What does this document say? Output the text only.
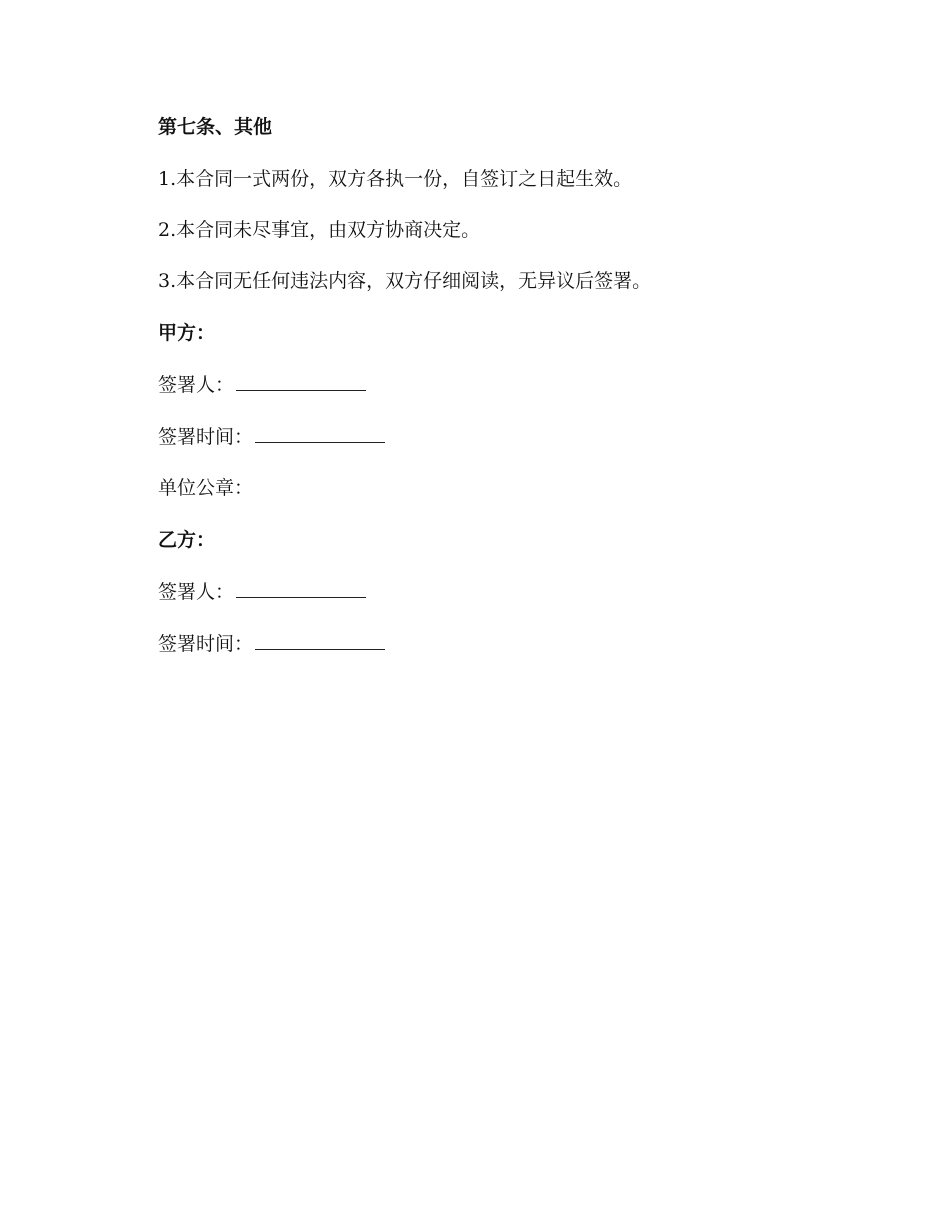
第七条、其他
1.本合同一式两份，双方各执一份，自签订之日起生效。
2.本合同未尽事宜，由双方协商决定。
3.本合同无任何违法内容，双方仔细阅读，无异议后签署。
甲方：
签署人：
签署时间：
单位公章：
乙方：
签署人：
签署时间：
